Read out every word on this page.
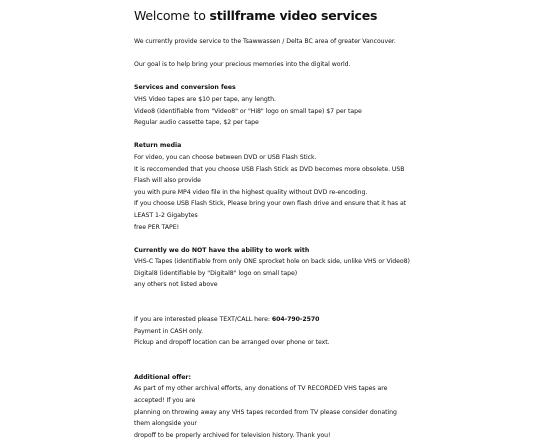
Welcome to stillframe video services

We currently provide service to the Tsawwassen / Delta BC area of greater Vancouver.

Our goal is to help bring your precious memories into the digital world.

Services and conversion fees

VHS Video tapes are $10 per tape, any length.
Video8 (identifiable from "Video8" or "Hi8" logo on small tape) $7 per tape
Regular audio cassette tape, $2 per tape

Return media

For video, you can choose between DVD or USB Flash Stick.
It is reccomended that you choose USB Flash Stick as DVD becomes more obsolete. USB Flash will also provide
you with pure MP4 video file in the highest quality without DVD re-encoding.
If you choose USB Flash Stick, Please bring your own flash drive and ensure that it has at LEAST 1-2 Gigabytes
free PER TAPE!

Currently we do NOT have the ability to work with

VHS-C Tapes (identifiable from only ONE sprocket hole on back side, unlike VHS or Video8)
Digital8 (identifiable by "Digital8" logo on small tape)
any others not listed above

If you are interested please TEXT/CALL here: 604-790-2570
Payment in CASH only.
Pickup and dropoff location can be arranged over phone or text.

Additional offer:

As part of my other archival efforts, any donations of TV RECORDED VHS tapes are accepted! If you are
planning on throwing away any VHS tapes recorded from TV please consider donating them alongside your
dropoff to be properly archived for television history. Thank you!
